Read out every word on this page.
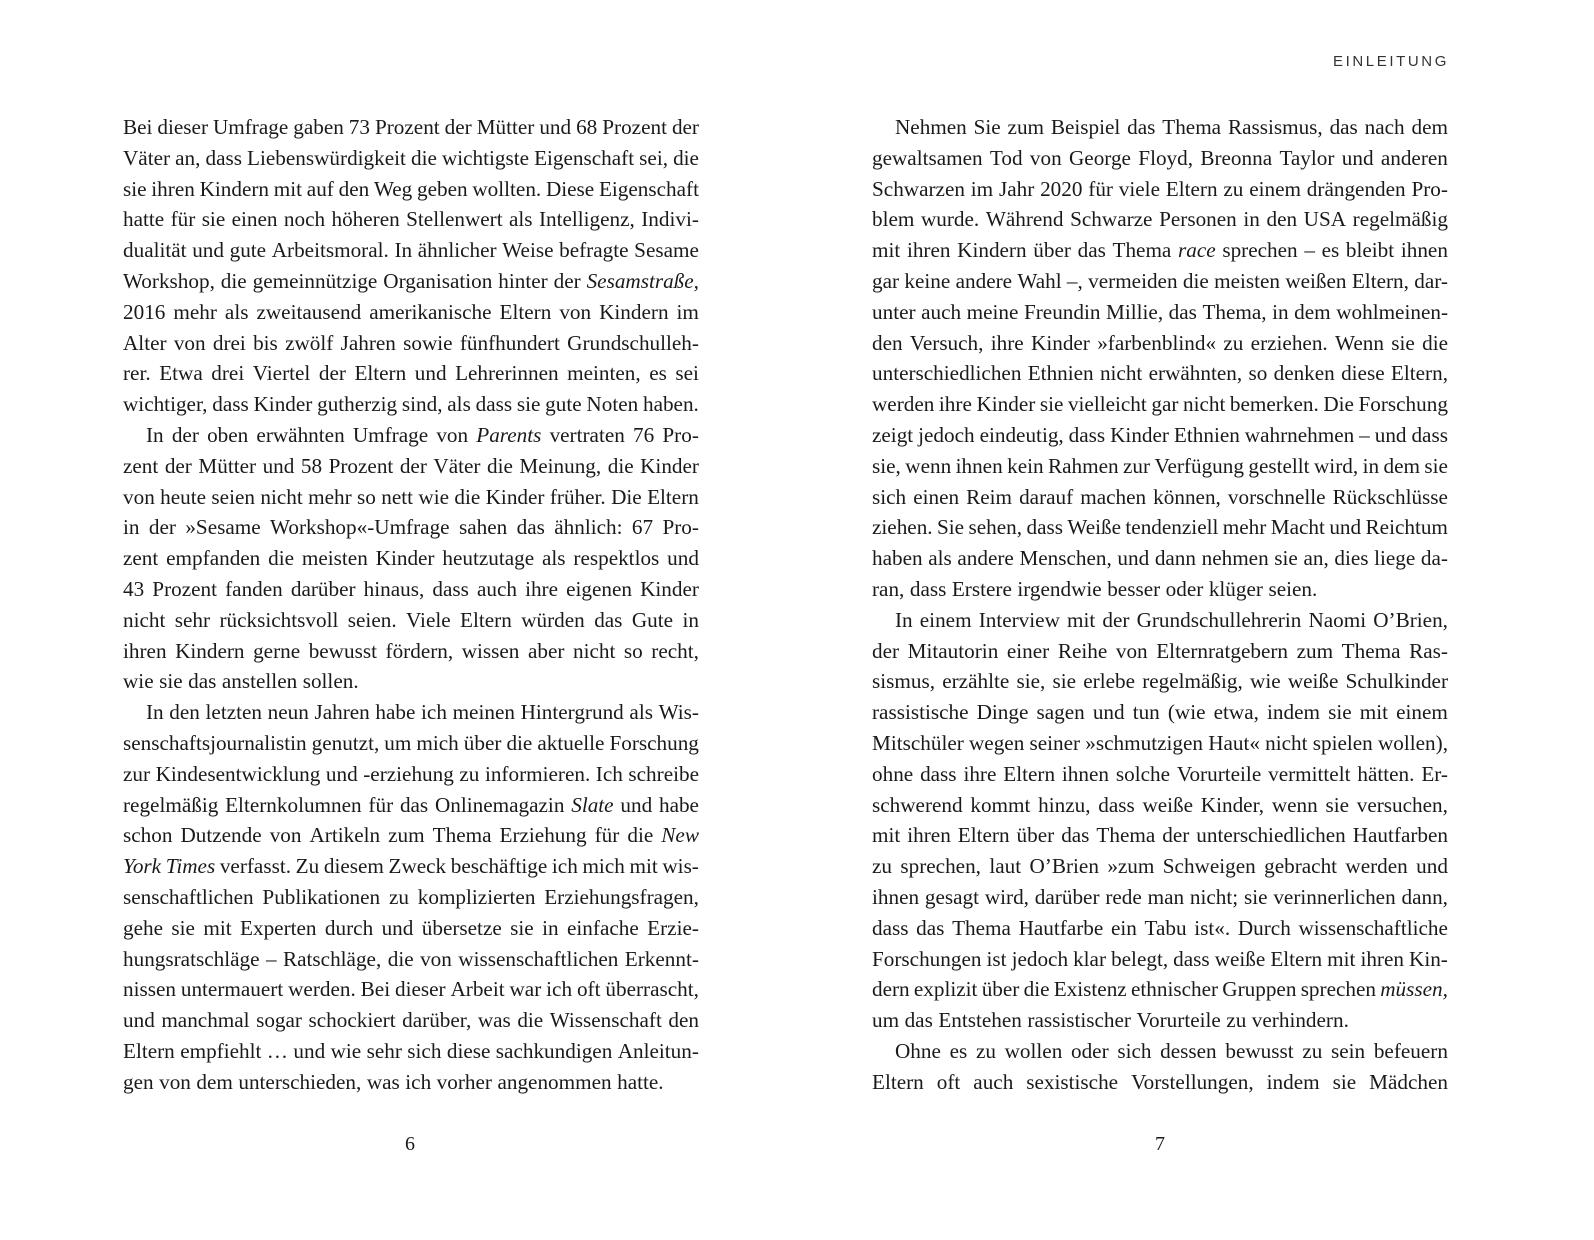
Bei dieser Umfrage gaben 73 Prozent der Mütter und 68 Prozent der
Väter an, dass Liebenswürdigkeit die wichtigste Eigenschaft sei, die
sie ihren Kindern mit auf den Weg geben wollten. Diese Eigenschaft
hatte für sie einen noch höheren Stellenwert als Intelligenz, Indivi-
dualität und gute Arbeitsmoral. In ähnlicher Weise befragte Sesame
Workshop, die gemeinnützige Organisation hinter der Sesamstraße,
2016 mehr als zweitausend amerikanische Eltern von Kindern im
Alter von drei bis zwölf Jahren sowie fünfhundert Grundschulleh-
rer. Etwa drei Viertel der Eltern und Lehrerinnen meinten, es sei
wichtiger, dass Kinder gutherzig sind, als dass sie gute Noten haben.
In der oben erwähnten Umfrage von Parents vertraten 76 Pro-
zent der Mütter und 58 Prozent der Väter die Meinung, die Kinder
von heute seien nicht mehr so nett wie die Kinder früher. Die Eltern
in der »Sesame Workshop«-Umfrage sahen das ähnlich: 67 Pro-
zent empfanden die meisten Kinder heutzutage als respektlos und
43 Prozent fanden darüber hinaus, dass auch ihre eigenen Kinder
nicht sehr rücksichtsvoll seien. Viele Eltern würden das Gute in
ihren Kindern gerne bewusst fördern, wissen aber nicht so recht,
wie sie das anstellen sollen.
In den letzten neun Jahren habe ich meinen Hintergrund als Wis-
senschaftsjournalistin genutzt, um mich über die aktuelle Forschung
zur Kindesentwicklung und -erziehung zu informieren. Ich schreibe
regelmäßig Elternkolumnen für das Onlinemagazin Slate und habe
schon Dutzende von Artikeln zum Thema Erziehung für die New
York Times verfasst. Zu diesem Zweck beschäftige ich mich mit wis-
senschaftlichen Publikationen zu komplizierten Erziehungsfragen,
gehe sie mit Experten durch und übersetze sie in einfache Erzie-
hungsratschläge – Ratschläge, die von wissenschaftlichen Erkennt-
nissen untermauert werden. Bei dieser Arbeit war ich oft überrascht,
und manchmal sogar schockiert darüber, was die Wissenschaft den
Eltern empfiehlt … und wie sehr sich diese sachkundigen Anleitun-
gen von dem unterschieden, was ich vorher angenommen hatte.
6
EINLEITUNG
Nehmen Sie zum Beispiel das Thema Rassismus, das nach dem
gewaltsamen Tod von George Floyd, Breonna Taylor und anderen
Schwarzen im Jahr 2020 für viele Eltern zu einem drängenden Pro-
blem wurde. Während Schwarze Personen in den USA regelmäßig
mit ihren Kindern über das Thema race sprechen – es bleibt ihnen
gar keine andere Wahl –, vermeiden die meisten weißen Eltern, dar-
unter auch meine Freundin Millie, das Thema, in dem wohlmeinen-
den Versuch, ihre Kinder »farbenblind« zu erziehen. Wenn sie die
unterschiedlichen Ethnien nicht erwähnten, so denken diese Eltern,
werden ihre Kinder sie vielleicht gar nicht bemerken. Die Forschung
zeigt jedoch eindeutig, dass Kinder Ethnien wahrnehmen – und dass
sie, wenn ihnen kein Rahmen zur Verfügung gestellt wird, in dem sie
sich einen Reim darauf machen können, vorschnelle Rückschlüsse
ziehen. Sie sehen, dass Weiße tendenziell mehr Macht und Reichtum
haben als andere Menschen, und dann nehmen sie an, dies liege da-
ran, dass Erstere irgendwie besser oder klüger seien.
In einem Interview mit der Grundschullehrerin Naomi O’Brien,
der Mitautorin einer Reihe von Elternratgebern zum Thema Ras-
sismus, erzählte sie, sie erlebe regelmäßig, wie weiße Schulkinder
rassistische Dinge sagen und tun (wie etwa, indem sie mit einem
Mitschüler wegen seiner »schmutzigen Haut« nicht spielen wollen),
ohne dass ihre Eltern ihnen solche Vorurteile vermittelt hätten. Er-
schwerend kommt hinzu, dass weiße Kinder, wenn sie versuchen,
mit ihren Eltern über das Thema der unterschiedlichen Hautfarben
zu sprechen, laut O’Brien »zum Schweigen gebracht werden und
ihnen gesagt wird, darüber rede man nicht; sie verinnerlichen dann,
dass das Thema Hautfarbe ein Tabu ist«. Durch wissenschaftliche
Forschungen ist jedoch klar belegt, dass weiße Eltern mit ihren Kin-
dern explizit über die Existenz ethnischer Gruppen sprechen müssen,
um das Entstehen rassistischer Vorurteile zu verhindern.
Ohne es zu wollen oder sich dessen bewusst zu sein befeuern
Eltern oft auch sexistische Vorstellungen, indem sie Mädchen
7
